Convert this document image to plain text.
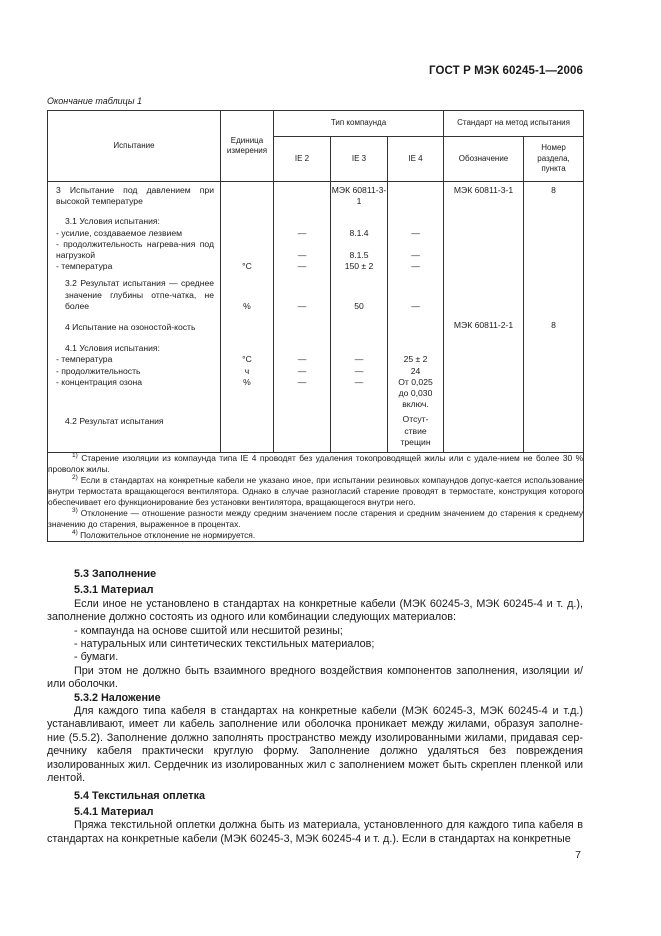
ГОСТ Р МЭК 60245-1—2006
Окончание таблицы 1
Испытание	Единица измерения	Тип компаунда			Стандарт на метод испытания	
		IE 2	IE 3	IE 4	Обозначение	Номер раздела, пункта
3 Испытание под давлением при высокой температуре			МЭК 60811-3-1		МЭК 60811-3-1	8

3.1 Условия испытания:						
- усилие, создаваемое лезвием		—	8.1.4	—		
- продолжительность нагрева-ния под нагрузкой		—	8.1.5	—		
- температура	°С	—	150 ± 2	—		

3.2 Результат испытания — среднее значение глубины отпе-чатка, не более	%	—	50	—		

4 Испытание на озоностой-кость					МЭК 60811-2-1	8

4.1 Условия испытания:						
- температура	°С	—	—	25 ± 2		
- продолжительность	ч	—	—	24		
- концентрация озона	%	—	—	От 0,025 до 0,030 включ.		

4.2 Результат испытания				Отсут-ствие трещин		

$^{1)}$ Старение изоляции из компаунда типа IE 4 проводят без удаления токопроводящей жилы или с удале-нием не более 30 % проволок жилы.

$^{2)}$ Если в стандартах на конкретные кабели не указано иное, при испытании резиновых компаундов допус-кается использование внутри термостата вращающегося вентилятора. Однако в случае разногласий старение проводят в термостате, конструкция которого обеспечивает его функционирование без установки вентилятора, вращающегося внутри него.

$^{3)}$ Отклонение — отношение разности между средним значением после старения и средним значением до старения к среднему значению до старения, выраженное в процентах.

$^{4)}$ Положительное отклонение не нормируется.						

5.3 Заполнение

5.3.1 Материал

Если иное не установлено в стандартах на конкретные кабели (МЭК 60245-3, МЭК 60245-4 и т. д.), заполнение должно состоять из одного или комбинации следующих материалов:

- компаунда на основе сшитой или несшитой резины;

- натуральных или синтетических текстильных материалов;

- бумаги.

При этом не должно быть взаимного вредного воздействия компонентов заполнения, изоляции и/или оболочки.

5.3.2 Наложение

Для каждого типа кабеля в стандартах на конкретные кабели (МЭК 60245-3, МЭК 60245-4 и т.д.) устанавливают, имеет ли кабель заполнение или оболочка проникает между жилами, образуя заполне-ние (5.5.2). Заполнение должно заполнять пространство между изолированными жилами, придавая сер-дечнику кабеля практически круглую форму. Заполнение должно удаляться без повреждения изолированных жил. Сердечник из изолированных жил с заполнением может быть скреплен пленкой или лентой.

5.4 Текстильная оплетка

5.4.1 Материал

Пряжа текстильной оплетки должна быть из материала, установленного для каждого типа кабеля в стандартах на конкретные кабели (МЭК 60245-3, МЭК 60245-4 и т. д.). Если в стандартах на конкретные

7
